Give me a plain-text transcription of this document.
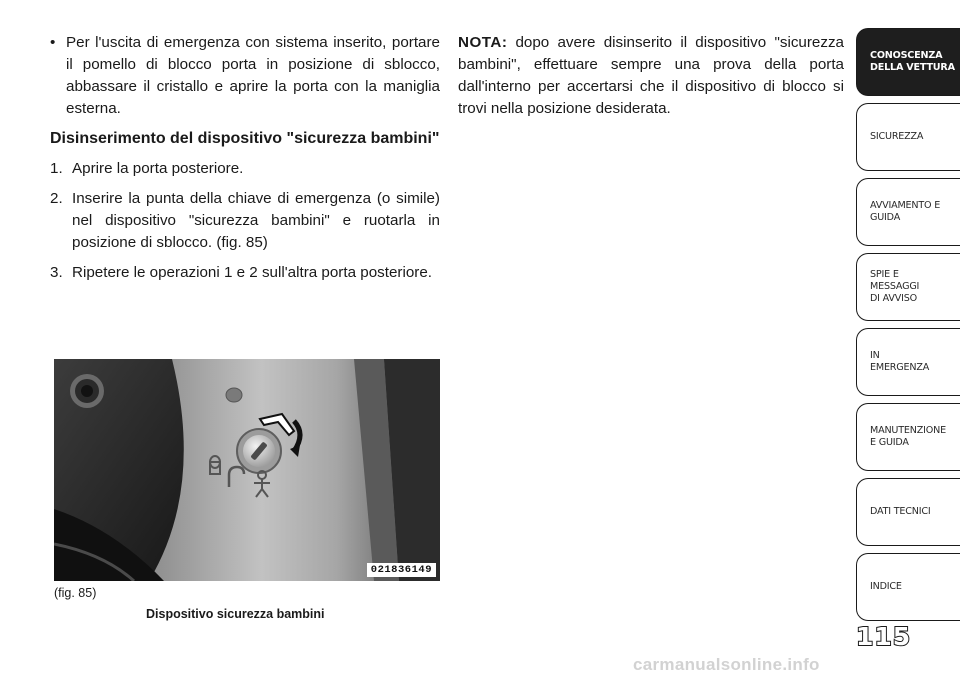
• Per l'uscita di emergenza con sistema inserito, portare il pomello di blocco porta in posizione di sblocco, abbassare il cristallo e aprire la porta con la maniglia esterna.
Disinserimento del dispositivo "sicurezza bambini"
1. Aprire la porta posteriore.
2. Inserire la punta della chiave di emergenza (o simile) nel dispositivo "sicurezza bambini" e ruotarla in posizione di sblocco. (fig. 85)
3. Ripetere le operazioni 1 e 2 sull'altra porta posteriore.
NOTA: dopo avere disinserito il dispositivo "sicurezza bambini", effettuare sempre una prova della porta dall'interno per accertarsi che il dispositivo di blocco si trovi nella posizione desiderata.
021836149
(fig. 85)
Dispositivo sicurezza bambini
CONOSCENZA
DELLA VETTURA
SICUREZZA
AVVIAMENTO E
GUIDA
SPIE E
MESSAGGI
DI AVVISO
IN
EMERGENZA
MANUTENZIONE
E GUIDA
DATI TECNICI
INDICE
115
carmanualsonline.info
